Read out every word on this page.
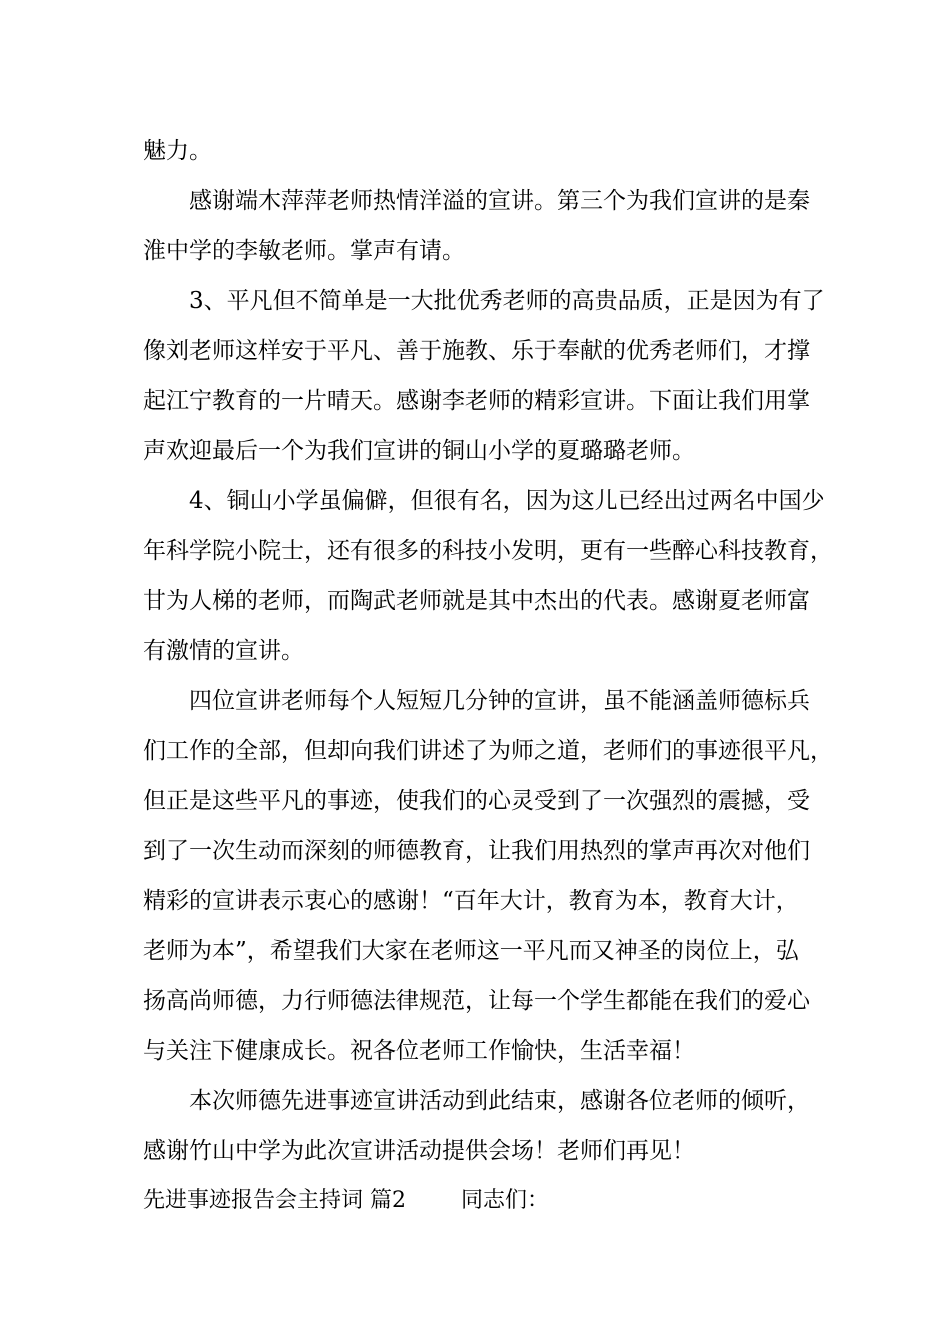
魅力。
感谢端木萍萍老师热情洋溢的宣讲。第三个为我们宣讲的是秦
淮中学的李敏老师。掌声有请。
3、平凡但不简单是一大批优秀老师的高贵品质，正是因为有了
像刘老师这样安于平凡、善于施教、乐于奉献的优秀老师们，才撑
起江宁教育的一片晴天。感谢李老师的精彩宣讲。下面让我们用掌
声欢迎最后一个为我们宣讲的铜山小学的夏璐璐老师。
4、铜山小学虽偏僻，但很有名，因为这儿已经出过两名中国少
年科学院小院士，还有很多的科技小发明，更有一些醉心科技教育，
甘为人梯的老师，而陶武老师就是其中杰出的代表。感谢夏老师富
有激情的宣讲。
四位宣讲老师每个人短短几分钟的宣讲，虽不能涵盖师德标兵
们工作的全部，但却向我们讲述了为师之道，老师们的事迹很平凡，
但正是这些平凡的事迹，使我们的心灵受到了一次强烈的震撼，受
到了一次生动而深刻的师德教育，让我们用热烈的掌声再次对他们
精彩的宣讲表示衷心的感谢！“百年大计，教育为本，教育大计，
老师为本”，希望我们大家在老师这一平凡而又神圣的岗位上，弘
扬高尚师德，力行师德法律规范，让每一个学生都能在我们的爱心
与关注下健康成长。祝各位老师工作愉快，生活幸福！
本次师德先进事迹宣讲活动到此结束，感谢各位老师的倾听，
感谢竹山中学为此次宣讲活动提供会场！老师们再见！
先进事迹报告会主持词 篇2	同志们：
